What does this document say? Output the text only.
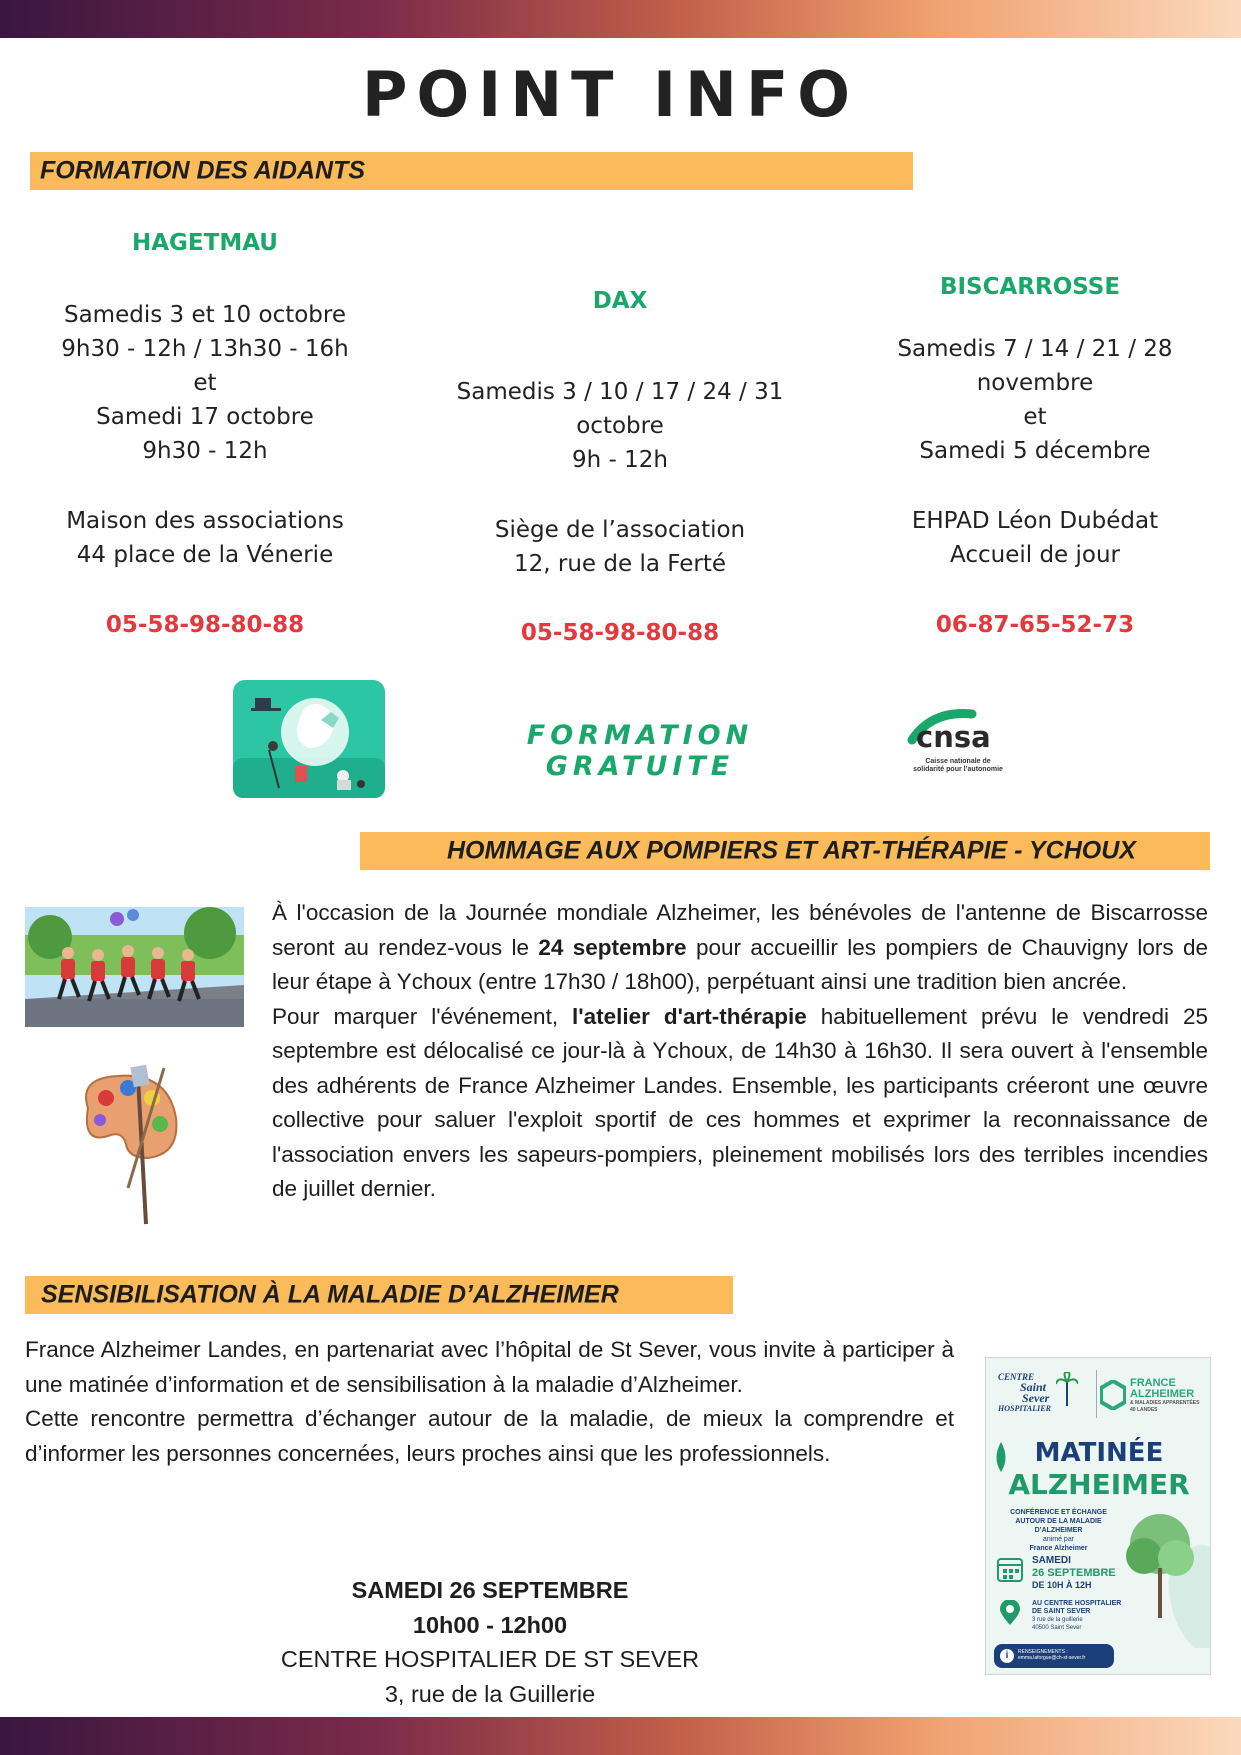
POINT INFO
FORMATION DES AIDANTS

HAGETMAU

Samedis 3 et 10 octobre

9h30 - 12h / 13h30 - 16h

et

Samedi 17 octobre

9h30 - 12h

Maison des associations

44 place de la Vénerie

05-58-98-80-88

DAX

Samedis 3 / 10 / 17 / 24 / 31

octobre

9h - 12h

Siège de l’association

12, rue de la Ferté

05-58-98-80-88

BISCARROSSE

Samedis 7 / 14 / 21 / 28

novembre

et

Samedi 5 décembre

EHPAD Léon Dubédat

Accueil de jour

06-87-65-52-73

FORMATION GRATUITE

cnsa
Caisse nationale de
solidarité pour l’autonomie
HOMMAGE AUX POMPIERS ET ART-THÉRAPIE - YCHOUX

À l'occasion de la Journée mondiale Alzheimer, les bénévoles de l'antenne de Biscarrosse seront au rendez-vous le 24 septembre pour accueillir les pompiers de Chauvigny lors de leur étape à Ychoux (entre 17h30 / 18h00), perpétuant ainsi une tradition bien ancrée.

Pour marquer l'événement, l'atelier d'art-thérapie habituellement prévu le vendredi 25 septembre est délocalisé ce jour-là à Ychoux, de 14h30 à 16h30. Il sera ouvert à l'ensemble des adhérents de France Alzheimer Landes. Ensemble, les participants créeront une œuvre collective pour saluer l'exploit sportif de ces hommes et exprimer la reconnaissance de l'association envers les sapeurs-pompiers, pleinement mobilisés lors des terribles incendies de juillet dernier.

SENSIBILISATION À LA MALADIE D’ALZHEIMER

France Alzheimer Landes, en partenariat avec l’hôpital de St Sever, vous invite à participer à une matinée d’information et de sensibilisation à la maladie d’Alzheimer.

Cette rencontre permettra d’échanger autour de la maladie, de mieux la comprendre et d’informer les personnes concernées, leurs proches ainsi que les professionnels.

SAMEDI 26 SEPTEMBRE

10h00 - 12h00

CENTRE HOSPITALIER DE ST SEVER

3, rue de la Guillerie

CENTRE
Saint
Sever
HOSPITALIER
FRANCE
ALZHEIMER
& MALADIES APPARENTÉES
40 LANDES

MATINÉE

ALZHEIMER

CONFÉRENCE ET ÉCHANGE
AUTOUR DE LA MALADIE D’ALZHEIMER
animé par
France Alzheimer
SAMEDI
26 SEPTEMBRE
DE 10H À 12H
AU CENTRE HOSPITALIER
DE SAINT SEVER
3 rue de la guillerie
40500 Saint Sever
i	RENSEIGNEMENTS :
emma.laforgue@ch-st-sever.fr
